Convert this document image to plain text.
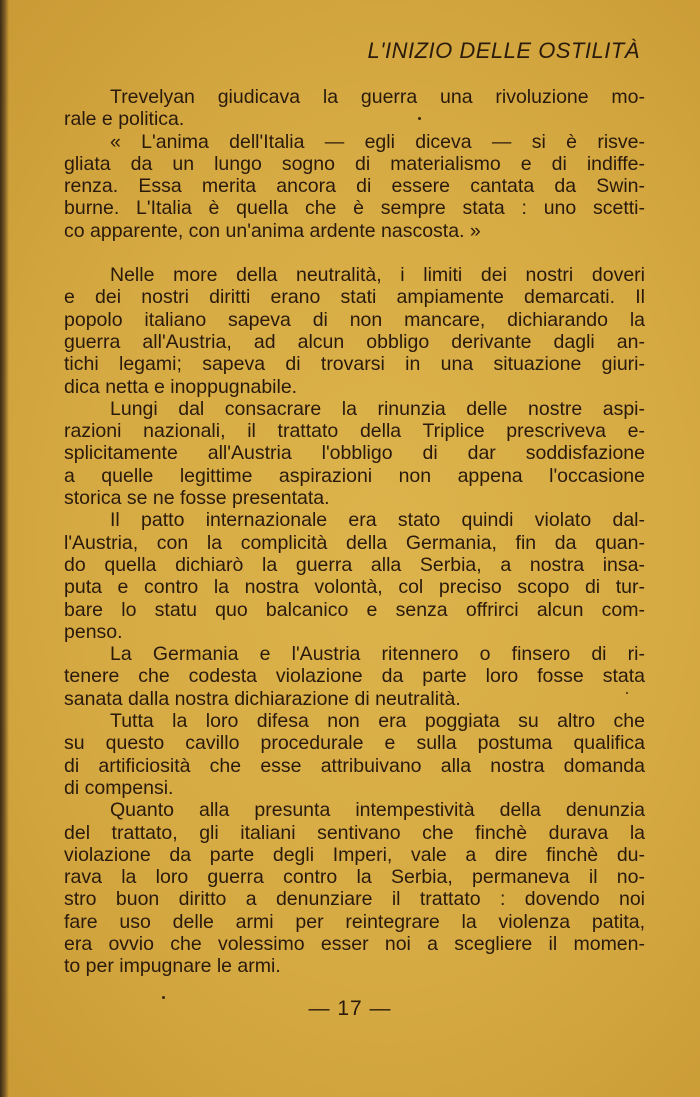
L'INIZIO DELLE OSTILITÀ
Trevelyan giudicava la guerra una rivoluzione mo-
rale e politica.
« L'anima dell'Italia — egli diceva — si è risve-
gliata da un lungo sogno di materialismo e di indiffe-
renza. Essa merita ancora di essere cantata da Swin-
burne. L'Italia è quella che è sempre stata : uno scetti-
co apparente, con un'anima ardente nascosta. »
Nelle more della neutralità, i limiti dei nostri doveri
e dei nostri diritti erano stati ampiamente demarcati. Il
popolo italiano sapeva di non mancare, dichiarando la
guerra all'Austria, ad alcun obbligo derivante dagli an-
tichi legami; sapeva di trovarsi in una situazione giuri-
dica netta e inoppugnabile.
Lungi dal consacrare la rinunzia delle nostre aspi-
razioni nazionali, il trattato della Triplice prescriveva e-
splicitamente all'Austria l'obbligo di dar soddisfazione
a quelle legittime aspirazioni non appena l'occasione
storica se ne fosse presentata.
Il patto internazionale era stato quindi violato dal-
l'Austria, con la complicità della Germania, fin da quan-
do quella dichiarò la guerra alla Serbia, a nostra insa-
puta e contro la nostra volontà, col preciso scopo di tur-
bare lo statu quo balcanico e senza offrirci alcun com-
penso.
La Germania e l'Austria ritennero o finsero di ri-
tenere che codesta violazione da parte loro fosse stata
sanata dalla nostra dichiarazione di neutralità.
Tutta la loro difesa non era poggiata su altro che
su questo cavillo procedurale e sulla postuma qualifica
di artificiosità che esse attribuivano alla nostra domanda
di compensi.
Quanto alla presunta intempestività della denunzia
del trattato, gli italiani sentivano che finchè durava la
violazione da parte degli Imperi, vale a dire finchè du-
rava la loro guerra contro la Serbia, permaneva il no-
stro buon diritto a denunziare il trattato : dovendo noi
fare uso delle armi per reintegrare la violenza patita,
era ovvio che volessimo esser noi a scegliere il momen-
to per impugnare le armi.
— 17 —
